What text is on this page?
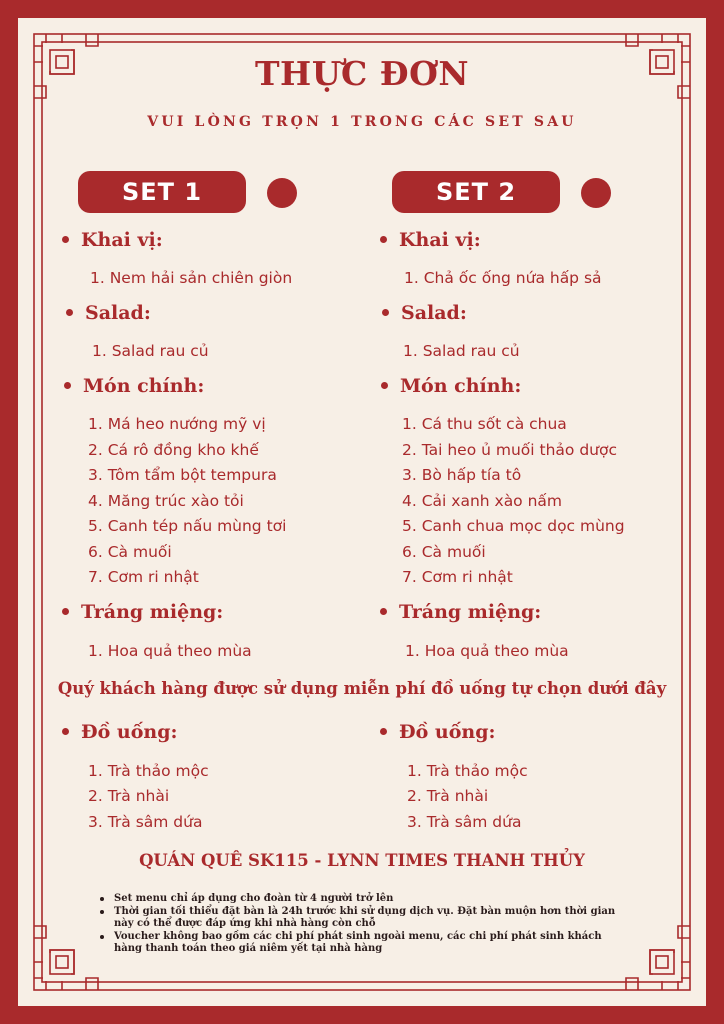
THỰC ĐƠN
VUI LÒNG TRỌN 1 TRONG CÁC SET SAU
SET 1
Khai vị:
1. Nem hải sản chiên giòn
Salad:
1. Salad rau củ
Món chính:
1. Má heo nướng mỹ vị
2. Cá rô đồng kho khế
3. Tôm tẩm bột tempura
4. Măng trúc xào tỏi
5. Canh tép nấu mùng tơi
6. Cà muối
7. Cơm ri nhật
Tráng miệng:
1. Hoa quả theo mùa
SET 2
Khai vị:
1. Chả ốc ống nứa hấp sả
Salad:
1. Salad rau củ
Món chính:
1. Cá thu sốt cà chua
2. Tai heo ủ muối thảo dược
3. Bò hấp tía tô
4. Cải xanh xào nấm
5. Canh chua mọc dọc mùng
6. Cà muối
7. Cơm ri nhật
Tráng miệng:
1. Hoa quả theo mùa
Quý khách hàng được sử dụng miễn phí đồ uống tự chọn dưới đây
Đồ uống:
1. Trà thảo mộc
2. Trà nhài
3. Trà sâm dứa
Đồ uống:
1. Trà thảo mộc
2. Trà nhài
3. Trà sâm dứa
QUÁN QUÊ SK115 - LYNN TIMES THANH THỦY
Set menu chỉ áp dụng cho đoàn từ 4 người trở lên
Thời gian tối thiểu đặt bàn là 24h trước khi sử dụng dịch vụ. Đặt bàn muộn hơn thời gian này có thể được đáp ứng khi nhà hàng còn chỗ
Voucher không bao gồm các chi phí phát sinh ngoài menu, các chi phí phát sinh khách hàng thanh toán theo giá niêm yết tại nhà hàng
